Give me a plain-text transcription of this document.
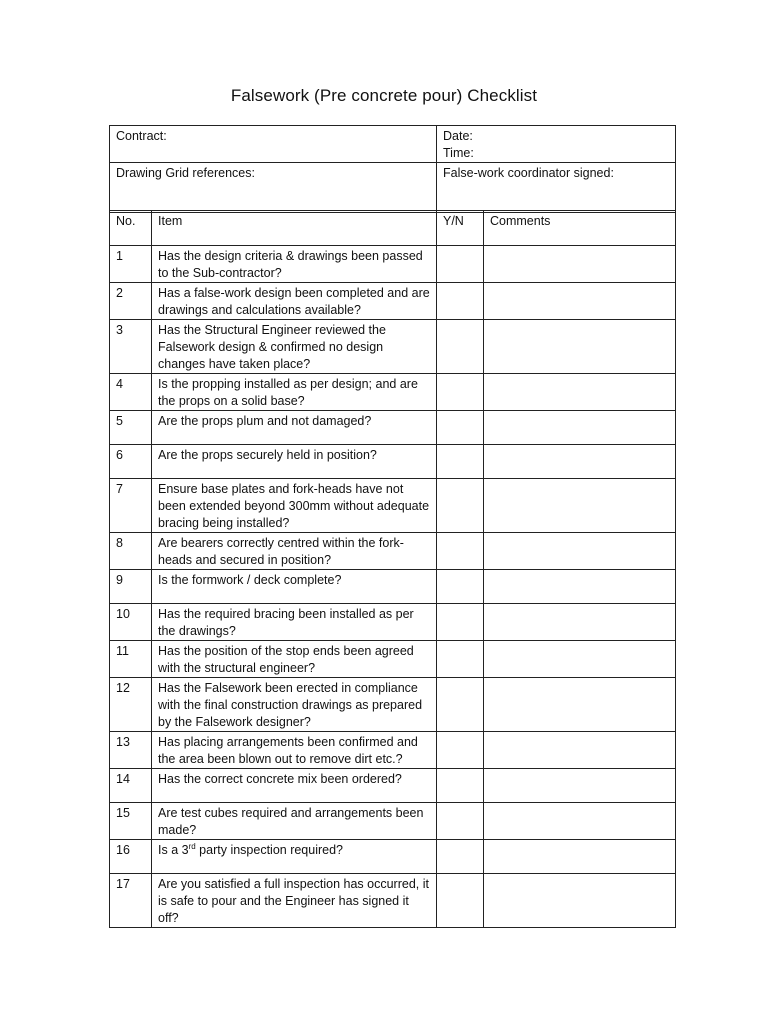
Falsework (Pre concrete pour) Checklist
Contract:	Date:
Time:

Drawing Grid references:	False-work coordinator signed:
No.	Item	Y/N	Comments
1	Has the design criteria & drawings been passed to the Sub-contractor?		
2	Has a false-work design been completed and are drawings and calculations available?		
3	Has the Structural Engineer reviewed the Falsework design & confirmed no design changes have taken place?		
4	Is the propping installed as per design; and are the props on a solid base?		
5	Are the props plum and not damaged?		
6	Are the props securely held in position?		
7	Ensure base plates and fork-heads have not been extended beyond 300mm without adequate bracing being installed?		
8	Are bearers correctly centred within the fork-heads and secured in position?		
9	Is the formwork / deck complete?		
10	Has the required bracing been installed as per the drawings?		
11	Has the position of the stop ends been agreed with the structural engineer?		
12	Has the Falsework been erected in compliance with the final construction drawings as prepared by the Falsework designer?		
13	Has placing arrangements been confirmed and the area been blown out to remove dirt etc.?		
14	Has the correct concrete mix been ordered?		
15	Are test cubes required and arrangements been made?		
16	Is a 3rd party inspection required?		
17	Are you satisfied a full inspection has occurred, it is safe to pour and the Engineer has signed it off?		
